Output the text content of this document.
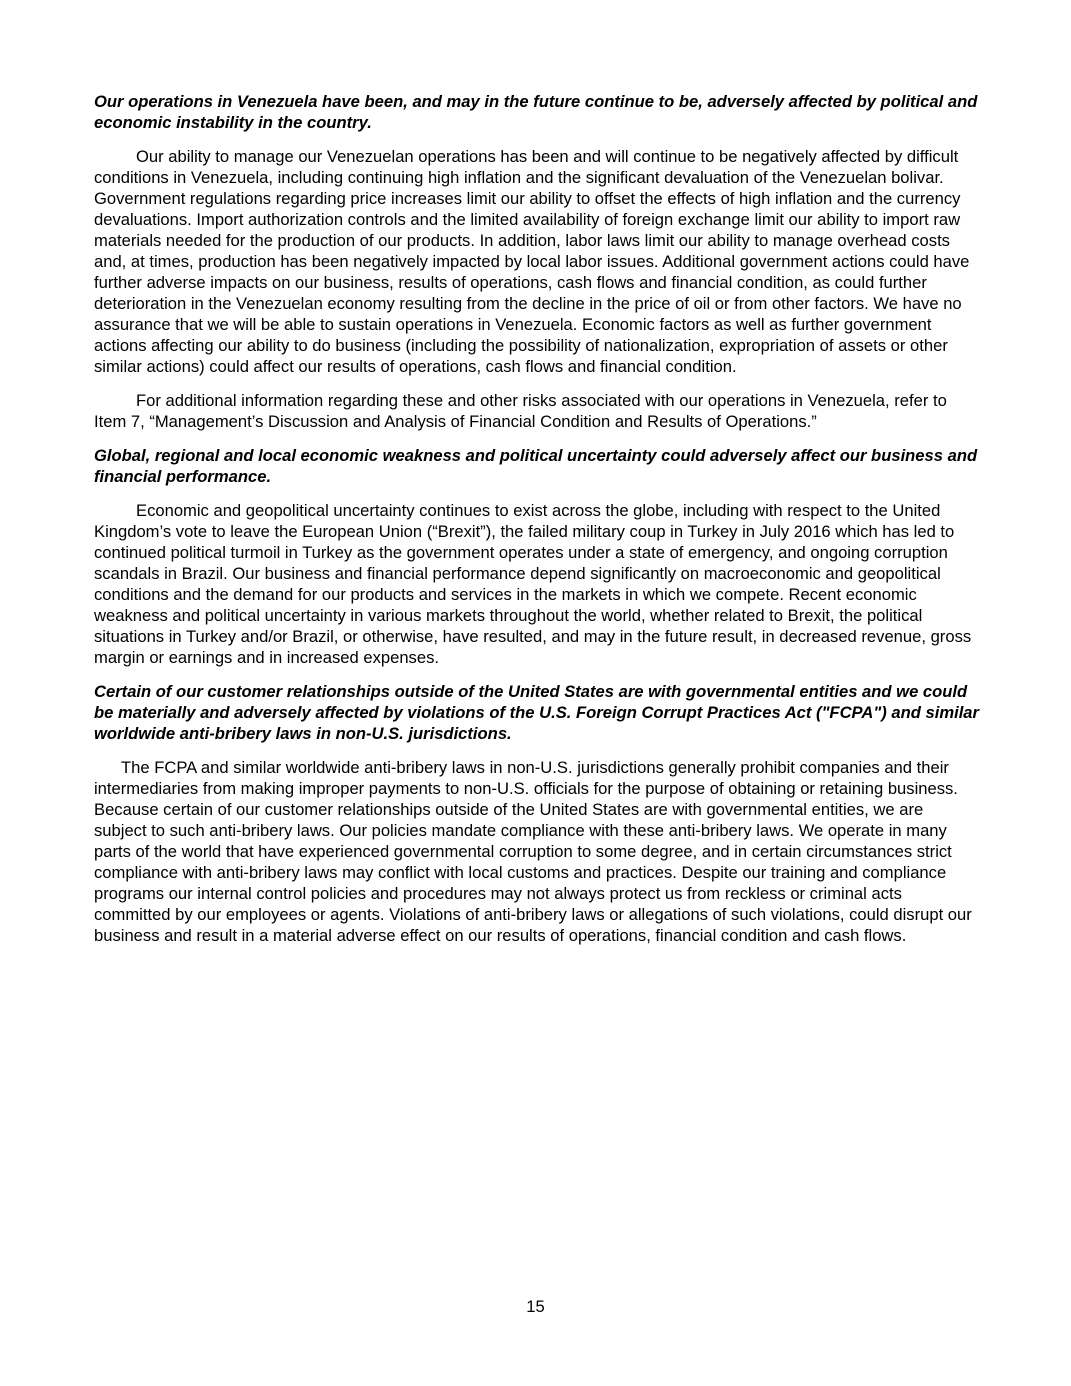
Our operations in Venezuela have been, and may in the future continue to be, adversely affected by political and economic instability in the country.

Our ability to manage our Venezuelan operations has been and will continue to be negatively affected by difficult conditions in Venezuela, including continuing high inflation and the significant devaluation of the Venezuelan bolivar. Government regulations regarding price increases limit our ability to offset the effects of high inflation and the currency devaluations. Import authorization controls and the limited availability of foreign exchange limit our ability to import raw materials needed for the production of our products. In addition, labor laws limit our ability to manage overhead costs and, at times, production has been negatively impacted by local labor issues. Additional government actions could have further adverse impacts on our business, results of operations, cash flows and financial condition, as could further deterioration in the Venezuelan economy resulting from the decline in the price of oil or from other factors. We have no assurance that we will be able to sustain operations in Venezuela. Economic factors as well as further government actions affecting our ability to do business (including the possibility of nationalization, expropriation of assets or other similar actions) could affect our results of operations, cash flows and financial condition.

For additional information regarding these and other risks associated with our operations in Venezuela, refer to Item 7, “Management’s Discussion and Analysis of Financial Condition and Results of Operations.”

Global, regional and local economic weakness and political uncertainty could adversely affect our business and financial performance.

Economic and geopolitical uncertainty continues to exist across the globe, including with respect to the United Kingdom’s vote to leave the European Union (“Brexit”), the failed military coup in Turkey in July 2016 which has led to continued political turmoil in Turkey as the government operates under a state of emergency, and ongoing corruption scandals in Brazil. Our business and financial performance depend significantly on macroeconomic and geopolitical conditions and the demand for our products and services in the markets in which we compete. Recent economic weakness and political uncertainty in various markets throughout the world, whether related to Brexit, the political situations in Turkey and/or Brazil, or otherwise, have resulted, and may in the future result, in decreased revenue, gross margin or earnings and in increased expenses.

Certain of our customer relationships outside of the United States are with governmental entities and we could be materially and adversely affected by violations of the U.S. Foreign Corrupt Practices Act ("FCPA") and similar worldwide anti-bribery laws in non-U.S. jurisdictions.

The FCPA and similar worldwide anti-bribery laws in non-U.S. jurisdictions generally prohibit companies and their intermediaries from making improper payments to non-U.S. officials for the purpose of obtaining or retaining business. Because certain of our customer relationships outside of the United States are with governmental entities, we are subject to such anti-bribery laws. Our policies mandate compliance with these anti-bribery laws. We operate in many parts of the world that have experienced governmental corruption to some degree, and in certain circumstances strict compliance with anti-bribery laws may conflict with local customs and practices. Despite our training and compliance programs our internal control policies and procedures may not always protect us from reckless or criminal acts committed by our employees or agents. Violations of anti-bribery laws or allegations of such violations, could disrupt our business and result in a material adverse effect on our results of operations, financial condition and cash flows.

15
